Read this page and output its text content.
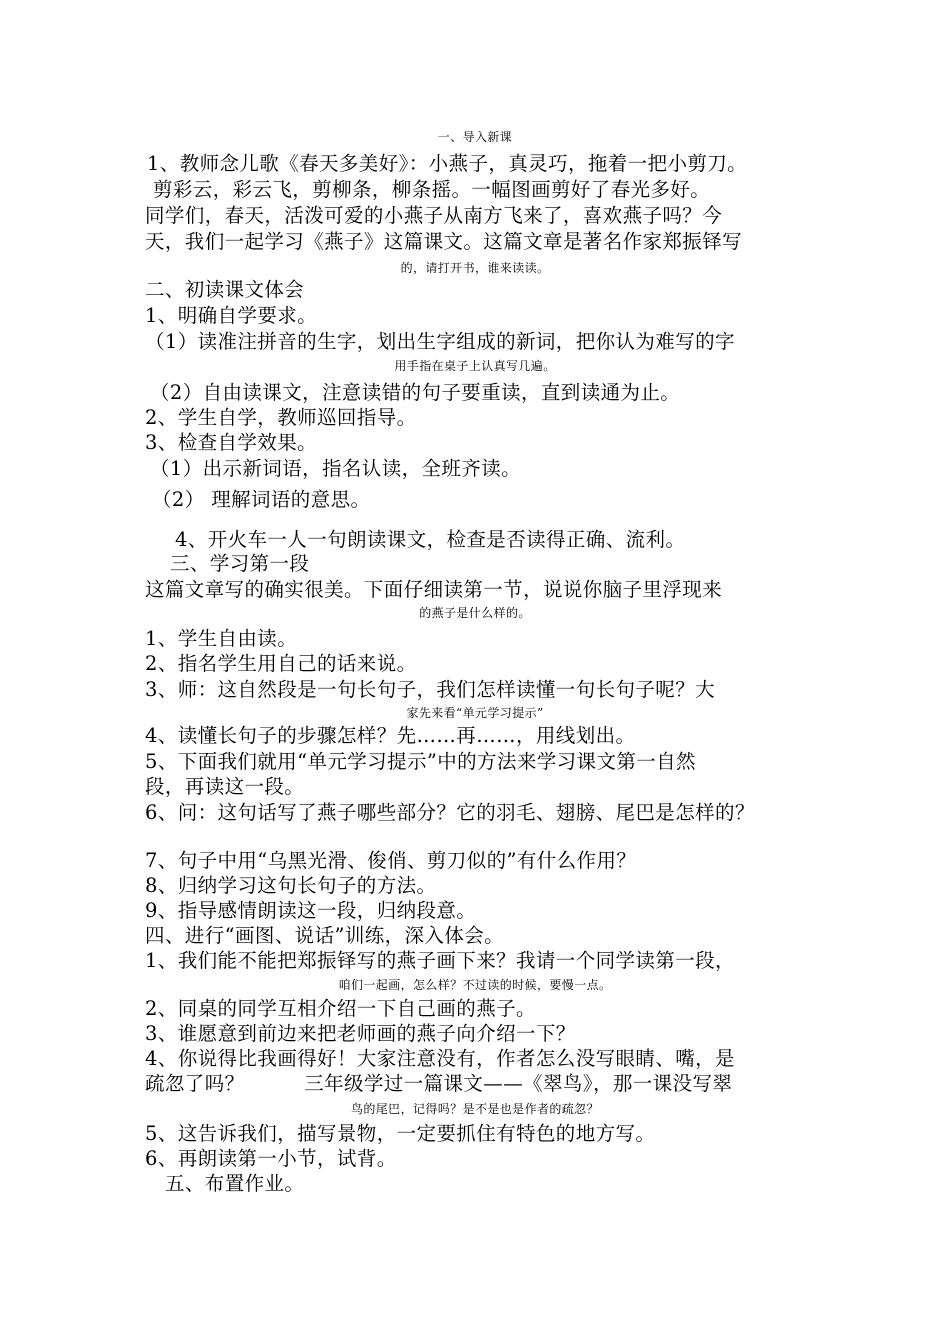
一、导入新课
1、教师念儿歌《春天多美好》：小燕子，真灵巧，拖着一把小剪刀。
剪彩云，彩云飞，剪柳条，柳条摇。一幅图画剪好了春光多好。
同学们，春天，活泼可爱的小燕子从南方飞来了，喜欢燕子吗？今
天，我们一起学习《燕子》这篇课文。这篇文章是著名作家郑振铎写
的，请打开书，谁来读读。
二、初读课文体会
1、明确自学要求。
（1）读准注拼音的生字，划出生字组成的新词，把你认为难写的字
用手指在桌子上认真写几遍。
（2）自由读课文，注意读错的句子要重读，直到读通为止。
2、学生自学，教师巡回指导。
3、检查自学效果。
（1）出示新词语，指名认读，全班齐读。
（2） 理解词语的意思。
4、开火车一人一句朗读课文，检查是否读得正确、流利。
三、学习第一段
这篇文章写的确实很美。下面仔细读第一节，说说你脑子里浮现来
的燕子是什么样的。
1、学生自由读。
2、指名学生用自己的话来说。
3、师：这自然段是一句长句子，我们怎样读懂一句长句子呢？大
家先来看“单元学习提示”
4、读懂长句子的步骤怎样？先……再……，用线划出。
5、下面我们就用“单元学习提示”中的方法来学习课文第一自然
段，再读这一段。
6、问：这句话写了燕子哪些部分？它的羽毛、翅膀、尾巴是怎样的？
7、句子中用“乌黑光滑、俊俏、剪刀似的”有什么作用？
8、归纳学习这句长句子的方法。
9、指导感情朗读这一段，归纳段意。
四、进行“画图、说话”训练，深入体会。
1、我们能不能把郑振铎写的燕子画下来？我请一个同学读第一段，
咱们一起画，怎么样？不过读的时候，要慢一点。
2、同桌的同学互相介绍一下自己画的燕子。
3、谁愿意到前边来把老师画的燕子向介绍一下？
4、你说得比我画得好！大家注意没有，作者怎么没写眼睛、嘴，是
疏忽了吗？　　　三年级学过一篇课文——《翠鸟》，那一课没写翠
鸟的尾巴，记得吗？是不是也是作者的疏忽？
5、这告诉我们，描写景物，一定要抓住有特色的地方写。
6、再朗读第一小节，试背。
五、布置作业。
